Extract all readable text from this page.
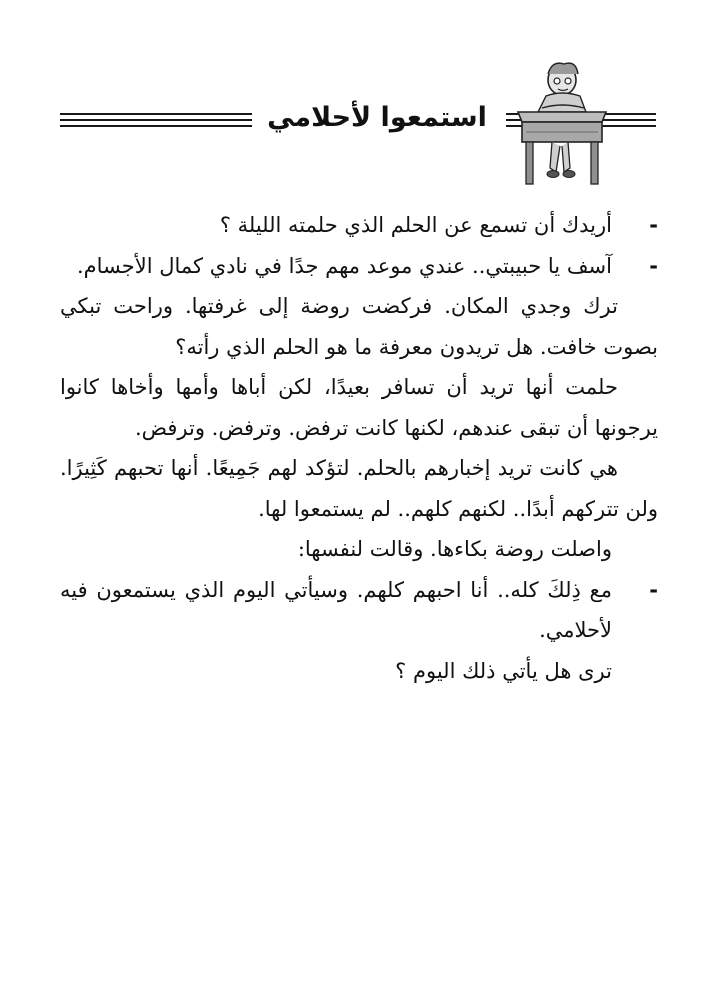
استمعوا لأحلامي

-
أريدك أن تسمع عن الحلم الذي حلمته الليلة ؟

-
آسف يا حبيبتي.. عندي موعد مهم جدًا في نادي كمال الأجسام.

ترك وجدي المكان. فركضت روضة إلى غرفتها. وراحت تبكي بصوت خافت. هل تريدون معرفة ما هو الحلم الذي رأته؟

حلمت أنها تريد أن تسافر بعيدًا، لكن أباها وأمها وأخاها كانوا يرجونها أن تبقى عندهم، لكنها كانت ترفض. وترفض. وترفض.

هي كانت تريد إخبارهم بالحلم. لتؤكد لهم جَمِيعًا. أنها تحبهم كَثِيرًا. ولن تتركهم أبدًا.. لكنهم كلهم.. لم يستمعوا لها.

واصلت روضة بكاءها. وقالت لنفسها:

-
مع ذِلكَ كله.. أنا احبهم كلهم. وسيأتي اليوم الذي يستمعون فيه لأحلامي.

ترى هل يأتي ذلك اليوم ؟
